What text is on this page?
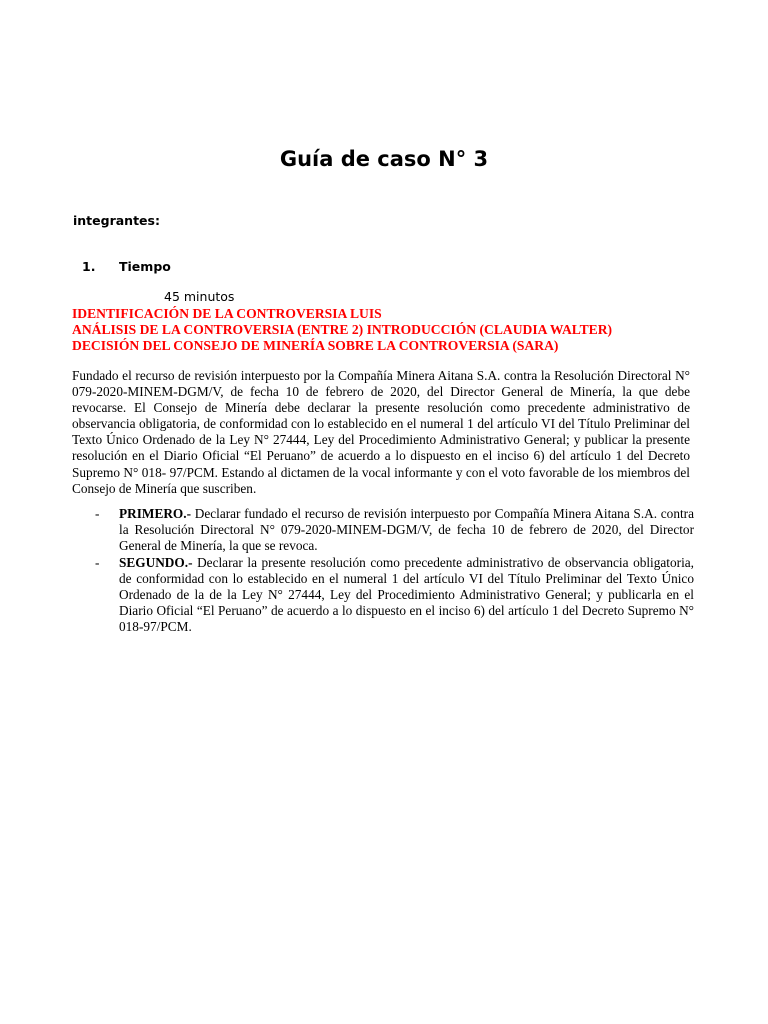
Guía de caso N° 3
integrantes:
1. Tiempo
45 minutos
IDENTIFICACIÓN DE LA CONTROVERSIA LUIS
ANÁLISIS DE LA CONTROVERSIA (ENTRE 2) INTRODUCCIÓN (CLAUDIA WALTER)
DECISIÓN DEL CONSEJO DE MINERÍA SOBRE LA CONTROVERSIA (SARA)
Fundado el recurso de revisión interpuesto por la Compañía Minera Aitana S.A. contra la Resolución Directoral N° 079-2020-MINEM-DGM/V, de fecha 10 de febrero de 2020, del Director General de Minería, la que debe revocarse. El Consejo de Minería debe declarar la presente resolución como precedente administrativo de observancia obligatoria, de conformidad con lo establecido en el numeral 1 del artículo VI del Título Preliminar del Texto Único Ordenado de la Ley N° 27444, Ley del Procedimiento Administrativo General; y publicar la presente resolución en el Diario Oficial “El Peruano” de acuerdo a lo dispuesto en el inciso 6) del artículo 1 del Decreto Supremo N° 018- 97/PCM. Estando al dictamen de la vocal informante y con el voto favorable de los miembros del Consejo de Minería que suscriben.
- PRIMERO.- Declarar fundado el recurso de revisión interpuesto por Compañía Minera Aitana S.A. contra la Resolución Directoral N° 079-2020-MINEM-DGM/V, de fecha 10 de febrero de 2020, del Director General de Minería, la que se revoca.
- SEGUNDO.- Declarar la presente resolución como precedente administrativo de observancia obligatoria, de conformidad con lo establecido en el numeral 1 del artículo VI del Título Preliminar del Texto Único Ordenado de la de la Ley N° 27444, Ley del Procedimiento Administrativo General; y publicarla en el Diario Oficial “El Peruano” de acuerdo a lo dispuesto en el inciso 6) del artículo 1 del Decreto Supremo N° 018-97/PCM.
